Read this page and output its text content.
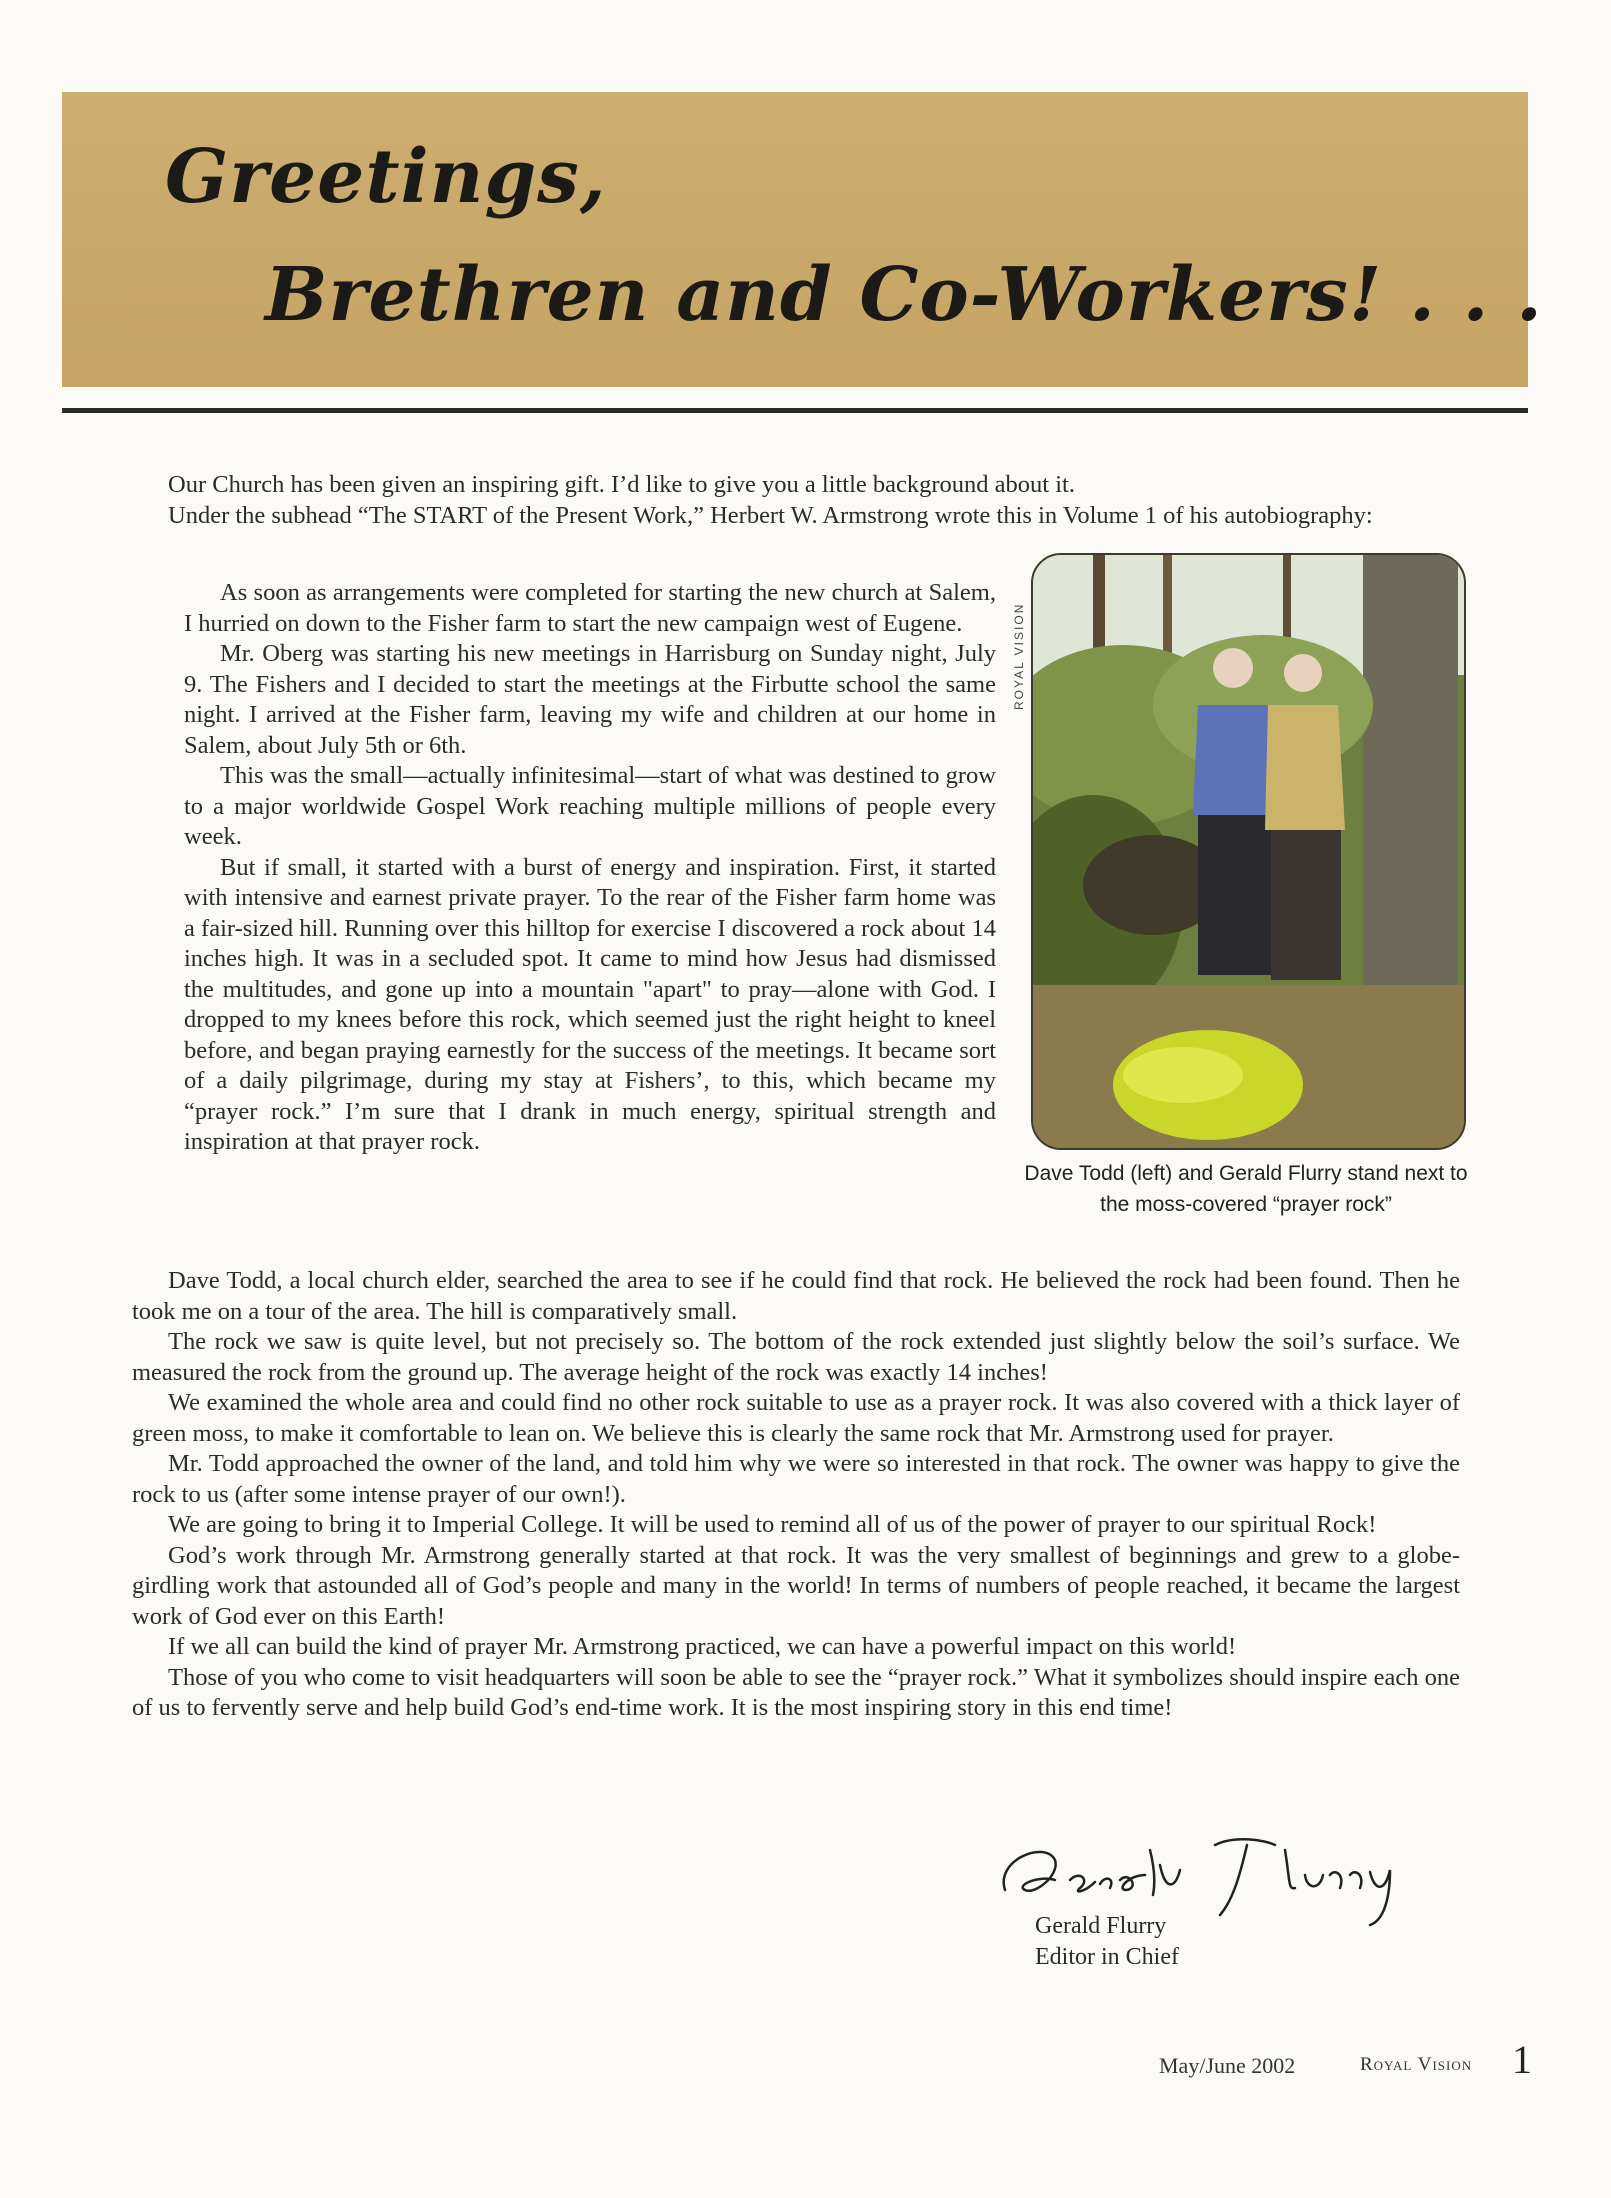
Greetings,
Brethren and Co-Workers! . . .

Our Church has been given an inspiring gift. I’d like to give you a little background about it.

Under the subhead “The START of the Present Work,” Herbert W. Armstrong wrote this in Volume 1 of his autobiography:

As soon as arrangements were completed for starting the new church at Salem, I hurried on down to the Fisher farm to start the new campaign west of Eugene.

Mr. Oberg was starting his new meetings in Harrisburg on Sunday night, July 9. The Fishers and I decided to start the meetings at the Firbutte school the same night. I arrived at the Fisher farm, leaving my wife and children at our home in Salem, about July 5th or 6th.

This was the small—actually infinitesimal—start of what was destined to grow to a major worldwide Gospel Work reaching multiple millions of people every week.

But if small, it started with a burst of energy and inspiration. First, it started with intensive and earnest private prayer. To the rear of the Fisher farm home was a fair-sized hill. Running over this hilltop for exercise I discovered a rock about 14 inches high. It was in a secluded spot. It came to mind how Jesus had dismissed the multitudes, and gone up into a mountain "apart" to pray—alone with God. I dropped to my knees before this rock, which seemed just the right height to kneel before, and began praying earnestly for the success of the meetings. It became sort of a daily pilgrimage, during my stay at Fishers’, to this, which became my “prayer rock.” I’m sure that I drank in much energy, spiritual strength and inspiration at that prayer rock.

ROYAL VISION

Dave Todd (left) and Gerald Flurry stand next to the moss-covered “prayer rock”

Dave Todd, a local church elder, searched the area to see if he could find that rock. He believed the rock had been found. Then he took me on a tour of the area. The hill is comparatively small.

The rock we saw is quite level, but not precisely so. The bottom of the rock extended just slightly below the soil’s surface. We measured the rock from the ground up. The average height of the rock was exactly 14 inches!

We examined the whole area and could find no other rock suitable to use as a prayer rock. It was also covered with a thick layer of green moss, to make it comfortable to lean on. We believe this is clearly the same rock that Mr. Armstrong used for prayer.

Mr. Todd approached the owner of the land, and told him why we were so interested in that rock. The owner was happy to give the rock to us (after some intense prayer of our own!).

We are going to bring it to Imperial College. It will be used to remind all of us of the power of prayer to our spiritual Rock!

God’s work through Mr. Armstrong generally started at that rock. It was the very smallest of beginnings and grew to a globe-girdling work that astounded all of God’s people and many in the world! In terms of numbers of people reached, it became the largest work of God ever on this Earth!

If we all can build the kind of prayer Mr. Armstrong practiced, we can have a powerful impact on this world!

Those of you who come to visit headquarters will soon be able to see the “prayer rock.” What it symbolizes should inspire each one of us to fervently serve and help build God’s end-time work. It is the most inspiring story in this end time!

Gerald Flurry

Editor in Chief

May/June 2002	Royal Vision 1
